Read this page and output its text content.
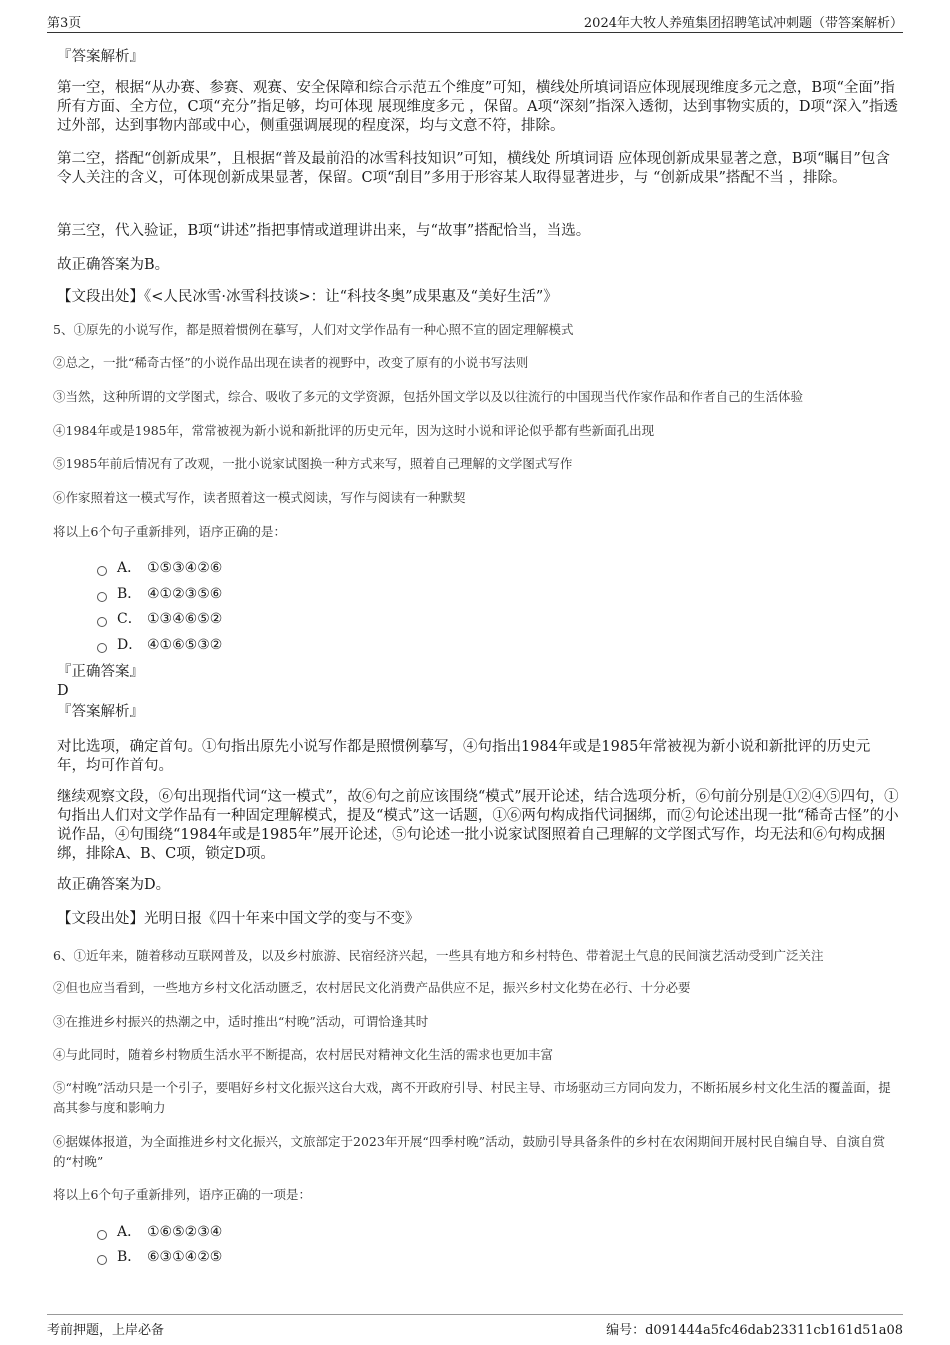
第3页	2024年大牧人养殖集团招聘笔试冲刺题（带答案解析）
『答案解析』
第一空，根据“从办赛、参赛、观赛、安全保障和综合示范五个维度”可知，横线处所填词语应体现展现维度多元之意，B项“全面”指所有方面、全方位，C项“充分”指足够，均可体现 展现维度多元 ，保留。A项“深刻”指深入透彻，达到事物实质的，D项“深入”指透过外部，达到事物内部或中心，侧重强调展现的程度深，均与文意不符，排除。
第二空，搭配“创新成果”，且根据“普及最前沿的冰雪科技知识”可知，横线处 所填词语 应体现创新成果显著之意，B项“瞩目”包含令人关注的含义，可体现创新成果显著，保留。C项“刮目”多用于形容某人取得显著进步，与 “创新成果”搭配不当 ，排除。
第三空，代入验证，B项“讲述”指把事情或道理讲出来，与“故事”搭配恰当，当选。
故正确答案为B。
【文段出处】《<人民冰雪·冰雪科技谈>：让“科技冬奥”成果惠及“美好生活”》
5、①原先的小说写作，都是照着惯例在摹写，人们对文学作品有一种心照不宣的固定理解模式
②总之，一批“稀奇古怪”的小说作品出现在读者的视野中，改变了原有的小说书写法则
③当然，这种所谓的文学图式，综合、吸收了多元的文学资源，包括外国文学以及以往流行的中国现当代作家作品和作者自己的生活体验
④1984年或是1985年，常常被视为新小说和新批评的历史元年，因为这时小说和评论似乎都有些新面孔出现
⑤1985年前后情况有了改观，一批小说家试图换一种方式来写，照着自己理解的文学图式写作
⑥作家照着这一模式写作，读者照着这一模式阅读，写作与阅读有一种默契
将以上6个句子重新排列，语序正确的是：
A． ①⑤③④②⑥
B． ④①②③⑤⑥
C． ①③④⑥⑤②
D． ④①⑥⑤③②
『正确答案』
D
『答案解析』
对比选项，确定首句。①句指出原先小说写作都是照惯例摹写，④句指出1984年或是1985年常被视为新小说和新批评的历史元年，均可作首句。
继续观察文段，⑥句出现指代词“这一模式”，故⑥句之前应该围绕“模式”展开论述，结合选项分析，⑥句前分别是①②④⑤四句，①句指出人们对文学作品有一种固定理解模式，提及“模式”这一话题，①⑥两句构成指代词捆绑，而②句论述出现一批“稀奇古怪”的小说作品，④句围绕“1984年或是1985年”展开论述，⑤句论述一批小说家试图照着自己理解的文学图式写作，均无法和⑥句构成捆绑，排除A、B、C项，锁定D项。
故正确答案为D。
【文段出处】光明日报《四十年来中国文学的变与不变》
6、①近年来，随着移动互联网普及，以及乡村旅游、民宿经济兴起，一些具有地方和乡村特色、带着泥土气息的民间演艺活动受到广泛关注
②但也应当看到，一些地方乡村文化活动匮乏，农村居民文化消费产品供应不足，振兴乡村文化势在必行、十分必要
③在推进乡村振兴的热潮之中，适时推出“村晚”活动，可谓恰逢其时
④与此同时，随着乡村物质生活水平不断提高，农村居民对精神文化生活的需求也更加丰富
⑤“村晚”活动只是一个引子，要唱好乡村文化振兴这台大戏，离不开政府引导、村民主导、市场驱动三方同向发力，不断拓展乡村文化生活的覆盖面，提高其参与度和影响力
⑥据媒体报道，为全面推进乡村文化振兴，文旅部定于2023年开展“四季村晚”活动，鼓励引导具备条件的乡村在农闲期间开展村民自编自导、自演自赏的“村晚”
将以上6个句子重新排列，语序正确的一项是：
A． ①⑥⑤②③④
B． ⑥③①④②⑤
考前押题，上岸必备	编号：d091444a5fc46dab23311cb161d51a08
